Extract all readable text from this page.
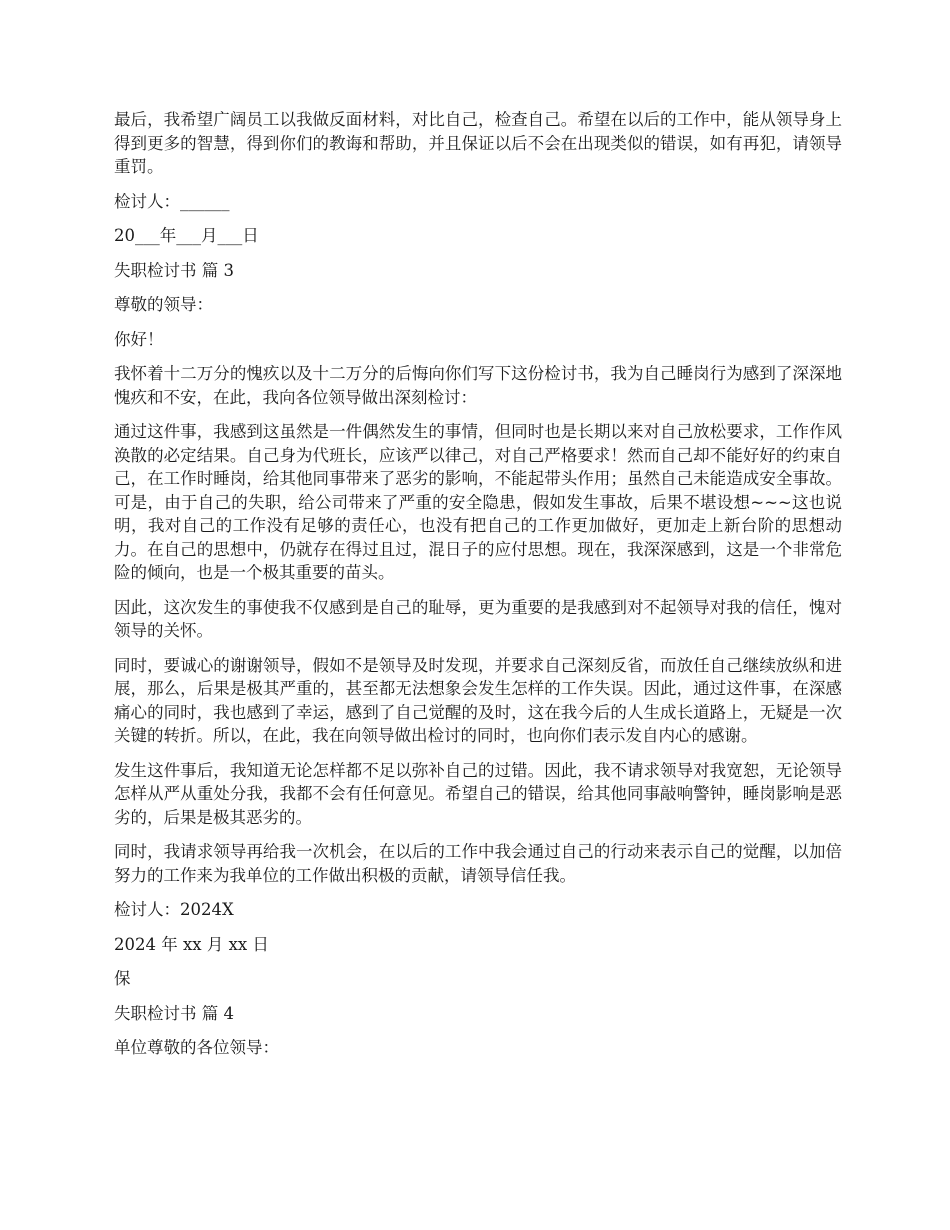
最后，我希望广阔员工以我做反面材料，对比自己，检查自己。希望在以后的工作中，能从领导身上得到更多的智慧，得到你们的教诲和帮助，并且保证以后不会在出现类似的错误，如有再犯，请领导重罚。

检讨人：______

20___年___月___日

失职检讨书 篇 3

尊敬的领导：

你好！

我怀着十二万分的愧疚以及十二万分的后悔向你们写下这份检讨书，我为自己睡岗行为感到了深深地愧疚和不安，在此，我向各位领导做出深刻检讨：

通过这件事，我感到这虽然是一件偶然发生的事情，但同时也是长期以来对自己放松要求，工作作风涣散的必定结果。自己身为代班长，应该严以律己，对自己严格要求！然而自己却不能好好的约束自己，在工作时睡岗，给其他同事带来了恶劣的影响，不能起带头作用；虽然自己未能造成安全事故。可是，由于自己的失职，给公司带来了严重的安全隐患，假如发生事故，后果不堪设想~~~这也说明，我对自己的工作没有足够的责任心，也没有把自己的工作更加做好，更加走上新台阶的思想动力。在自己的思想中，仍就存在得过且过，混日子的应付思想。现在，我深深感到，这是一个非常危险的倾向，也是一个极其重要的苗头。

因此，这次发生的事使我不仅感到是自己的耻辱，更为重要的是我感到对不起领导对我的信任，愧对领导的关怀。

同时，要诚心的谢谢领导，假如不是领导及时发现，并要求自己深刻反省，而放任自己继续放纵和进展，那么，后果是极其严重的，甚至都无法想象会发生怎样的工作失误。因此，通过这件事，在深感痛心的同时，我也感到了幸运，感到了自己觉醒的及时，这在我今后的人生成长道路上，无疑是一次关键的转折。所以，在此，我在向领导做出检讨的同时，也向你们表示发自内心的感谢。

发生这件事后，我知道无论怎样都不足以弥补自己的过错。因此，我不请求领导对我宽恕，无论领导怎样从严从重处分我，我都不会有任何意见。希望自己的错误，给其他同事敲响警钟，睡岗影响是恶劣的，后果是极其恶劣的。

同时，我请求领导再给我一次机会，在以后的工作中我会通过自己的行动来表示自己的觉醒，以加倍努力的工作来为我单位的工作做出积极的贡献，请领导信任我。

检讨人：2024X

2024 年 xx 月 xx 日

保

失职检讨书 篇 4

单位尊敬的各位领导：
